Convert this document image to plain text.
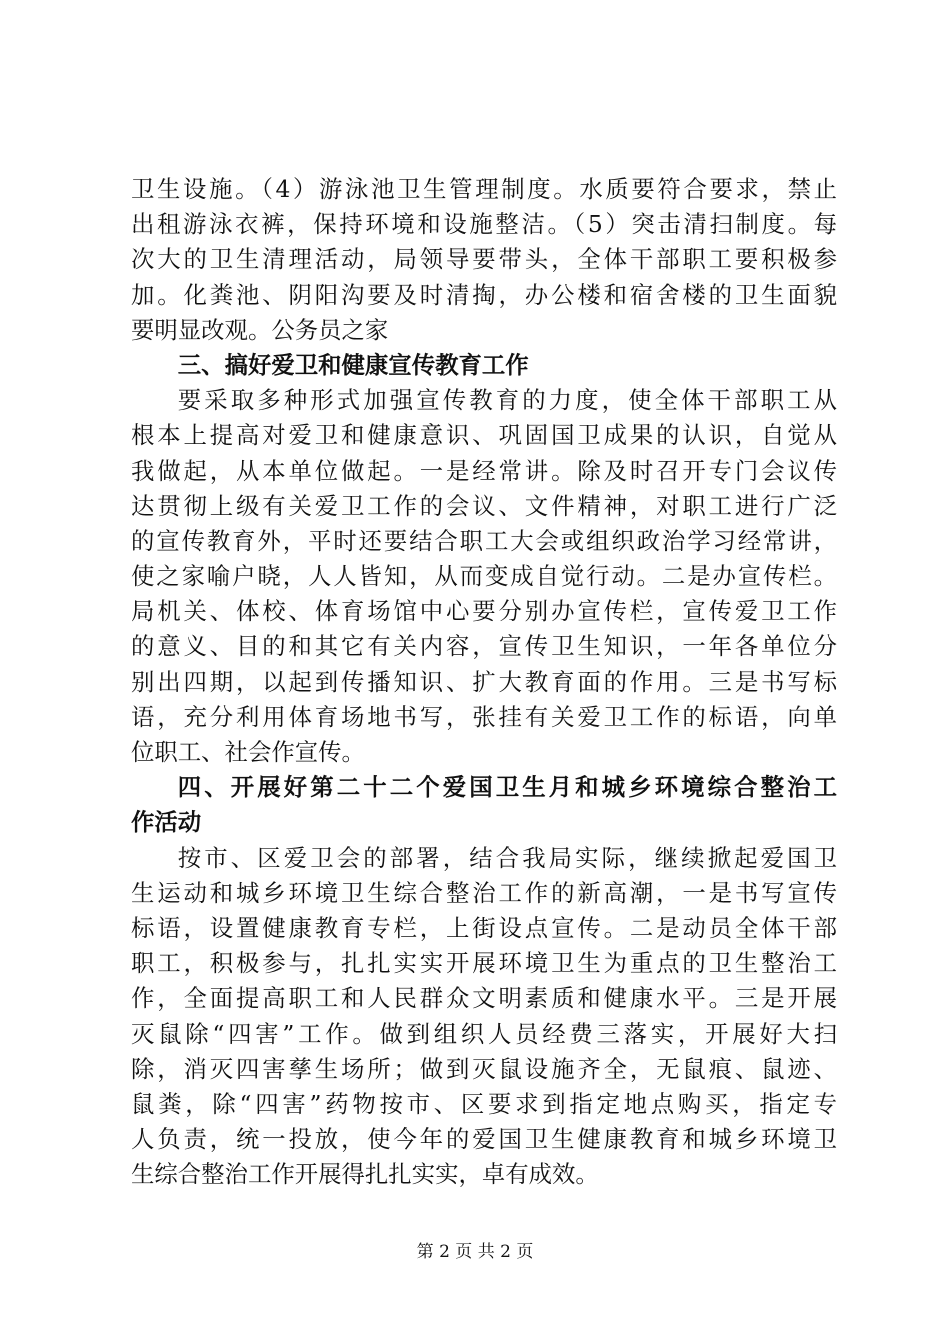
卫生设施。（4）游泳池卫生管理制度。水质要符合要求，禁止
出租游泳衣裤，保持环境和设施整洁。（5）突击清扫制度。每
次大的卫生清理活动，局领导要带头，全体干部职工要积极参
加。化粪池、阴阳沟要及时清掏，办公楼和宿舍楼的卫生面貌
要明显改观。公务员之家
三、搞好爱卫和健康宣传教育工作
要采取多种形式加强宣传教育的力度，使全体干部职工从
根本上提高对爱卫和健康意识、巩固国卫成果的认识，自觉从
我做起，从本单位做起。一是经常讲。除及时召开专门会议传
达贯彻上级有关爱卫工作的会议、文件精神，对职工进行广泛
的宣传教育外，平时还要结合职工大会或组织政治学习经常讲，
使之家喻户晓，人人皆知，从而变成自觉行动。二是办宣传栏。
局机关、体校、体育场馆中心要分别办宣传栏，宣传爱卫工作
的意义、目的和其它有关内容，宣传卫生知识，一年各单位分
别出四期，以起到传播知识、扩大教育面的作用。三是书写标
语，充分利用体育场地书写，张挂有关爱卫工作的标语，向单
位职工、社会作宣传。
四、开展好第二十二个爱国卫生月和城乡环境综合整治工
作活动
按市、区爱卫会的部署，结合我局实际，继续掀起爱国卫
生运动和城乡环境卫生综合整治工作的新高潮，一是书写宣传
标语，设置健康教育专栏，上街设点宣传。二是动员全体干部
职工，积极参与，扎扎实实开展环境卫生为重点的卫生整治工
作，全面提高职工和人民群众文明素质和健康水平。三是开展
灭鼠除“四害”工作。做到组织人员经费三落实，开展好大扫
除，消灭四害孳生场所；做到灭鼠设施齐全，无鼠痕、鼠迹、
鼠粪，除“四害”药物按市、区要求到指定地点购买，指定专
人负责，统一投放，使今年的爱国卫生健康教育和城乡环境卫
生综合整治工作开展得扎扎实实，卓有成效。
第 2 页 共 2 页
